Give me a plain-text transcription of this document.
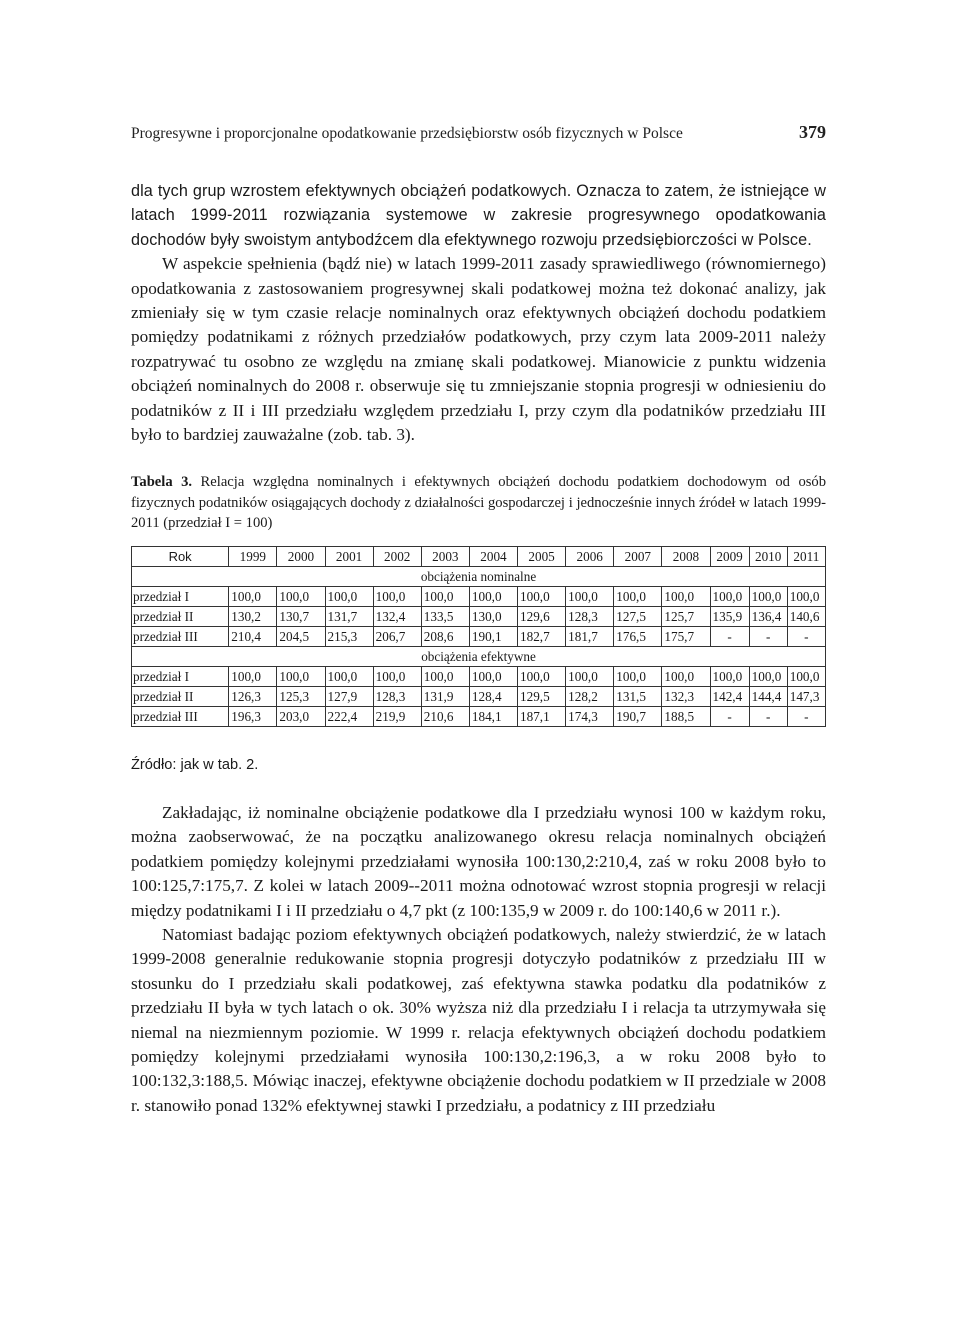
Progresywne i proporcjonalne opodatkowanie przedsiębiorstw osób fizycznych w Polsce	379

dla tych grup wzrostem efektywnych obciążeń podatkowych. Oznacza to zatem, że istniejące w latach 1999-2011 rozwiązania systemowe w zakresie progresywnego opodatkowania dochodów były swoistym antybodźcem dla efektywnego rozwoju przedsiębiorczości w Polsce.

W aspekcie spełnienia (bądź nie) w latach 1999-2011 zasady sprawiedliwego (równomiernego) opodatkowania z zastosowaniem progresywnej skali podatkowej można też dokonać analizy, jak zmieniały się w tym czasie relacje nominalnych oraz efektywnych obciążeń dochodu podatkiem pomiędzy podatnikami z różnych przedziałów podatkowych, przy czym lata 2009-2011 należy rozpatrywać tu osobno ze względu na zmianę skali podatkowej. Mianowicie z punktu widzenia obciążeń nominalnych do 2008 r. obserwuje się tu zmniejszanie stopnia progresji w odniesieniu do podatników z II i III przedziału względem przedziału I, przy czym dla podatników przedziału III było to bardziej zauważalne (zob. tab. 3).

Tabela 3. Relacja względna nominalnych i efektywnych obciążeń dochodu podatkiem dochodowym od osób fizycznych podatników osiągających dochody z działalności gospodarczej i jednocześnie innych źródeł w latach 1999-2011 (przedział I = 100)
Rok	1999	2000	2001	2002	2003	2004	2005	2006	2007	2008	2009	2010	2011
obciążenia nominalne													
przedział I	100,0	100,0	100,0	100,0	100,0	100,0	100,0	100,0	100,0	100,0	100,0	100,0	100,0
przedział II	130,2	130,7	131,7	132,4	133,5	130,0	129,6	128,3	127,5	125,7	135,9	136,4	140,6
przedział III	210,4	204,5	215,3	206,7	208,6	190,1	182,7	181,7	176,5	175,7	-	-	-
obciążenia efektywne													
przedział I	100,0	100,0	100,0	100,0	100,0	100,0	100,0	100,0	100,0	100,0	100,0	100,0	100,0
przedział II	126,3	125,3	127,9	128,3	131,9	128,4	129,5	128,2	131,5	132,3	142,4	144,4	147,3
przedział III	196,3	203,0	222,4	219,9	210,6	184,1	187,1	174,3	190,7	188,5	-	-	-
Źródło: jak w tab. 2.

Zakładając, iż nominalne obciążenie podatkowe dla I przedziału wynosi 100 w każdym roku, można zaobserwować, że na początku analizowanego okresu relacja nominalnych obciążeń podatkiem pomiędzy kolejnymi przedziałami wynosiła 100:130,2:210,4, zaś w roku 2008 było to 100:125,7:175,7. Z kolei w latach 2009--2011 można odnotować wzrost stopnia progresji w relacji między podatnikami I i II przedziału o 4,7 pkt (z 100:135,9 w 2009 r. do 100:140,6 w 2011 r.).

Natomiast badając poziom efektywnych obciążeń podatkowych, należy stwierdzić, że w latach 1999-2008 generalnie redukowanie stopnia progresji dotyczyło podatników z przedziału III w stosunku do I przedziału skali podatkowej, zaś efektywna stawka podatku dla podatników z przedziału II była w tych latach o ok. 30% wyższa niż dla przedziału I i relacja ta utrzymywała się niemal na niezmiennym poziomie. W 1999 r. relacja efektywnych obciążeń dochodu podatkiem pomiędzy kolejnymi przedziałami wynosiła 100:130,2:196,3, a w roku 2008 było to 100:132,3:188,5. Mówiąc inaczej, efektywne obciążenie dochodu podatkiem w II przedziale w 2008 r. stanowiło ponad 132% efektywnej stawki I przedziału, a podatnicy z III przedziału
